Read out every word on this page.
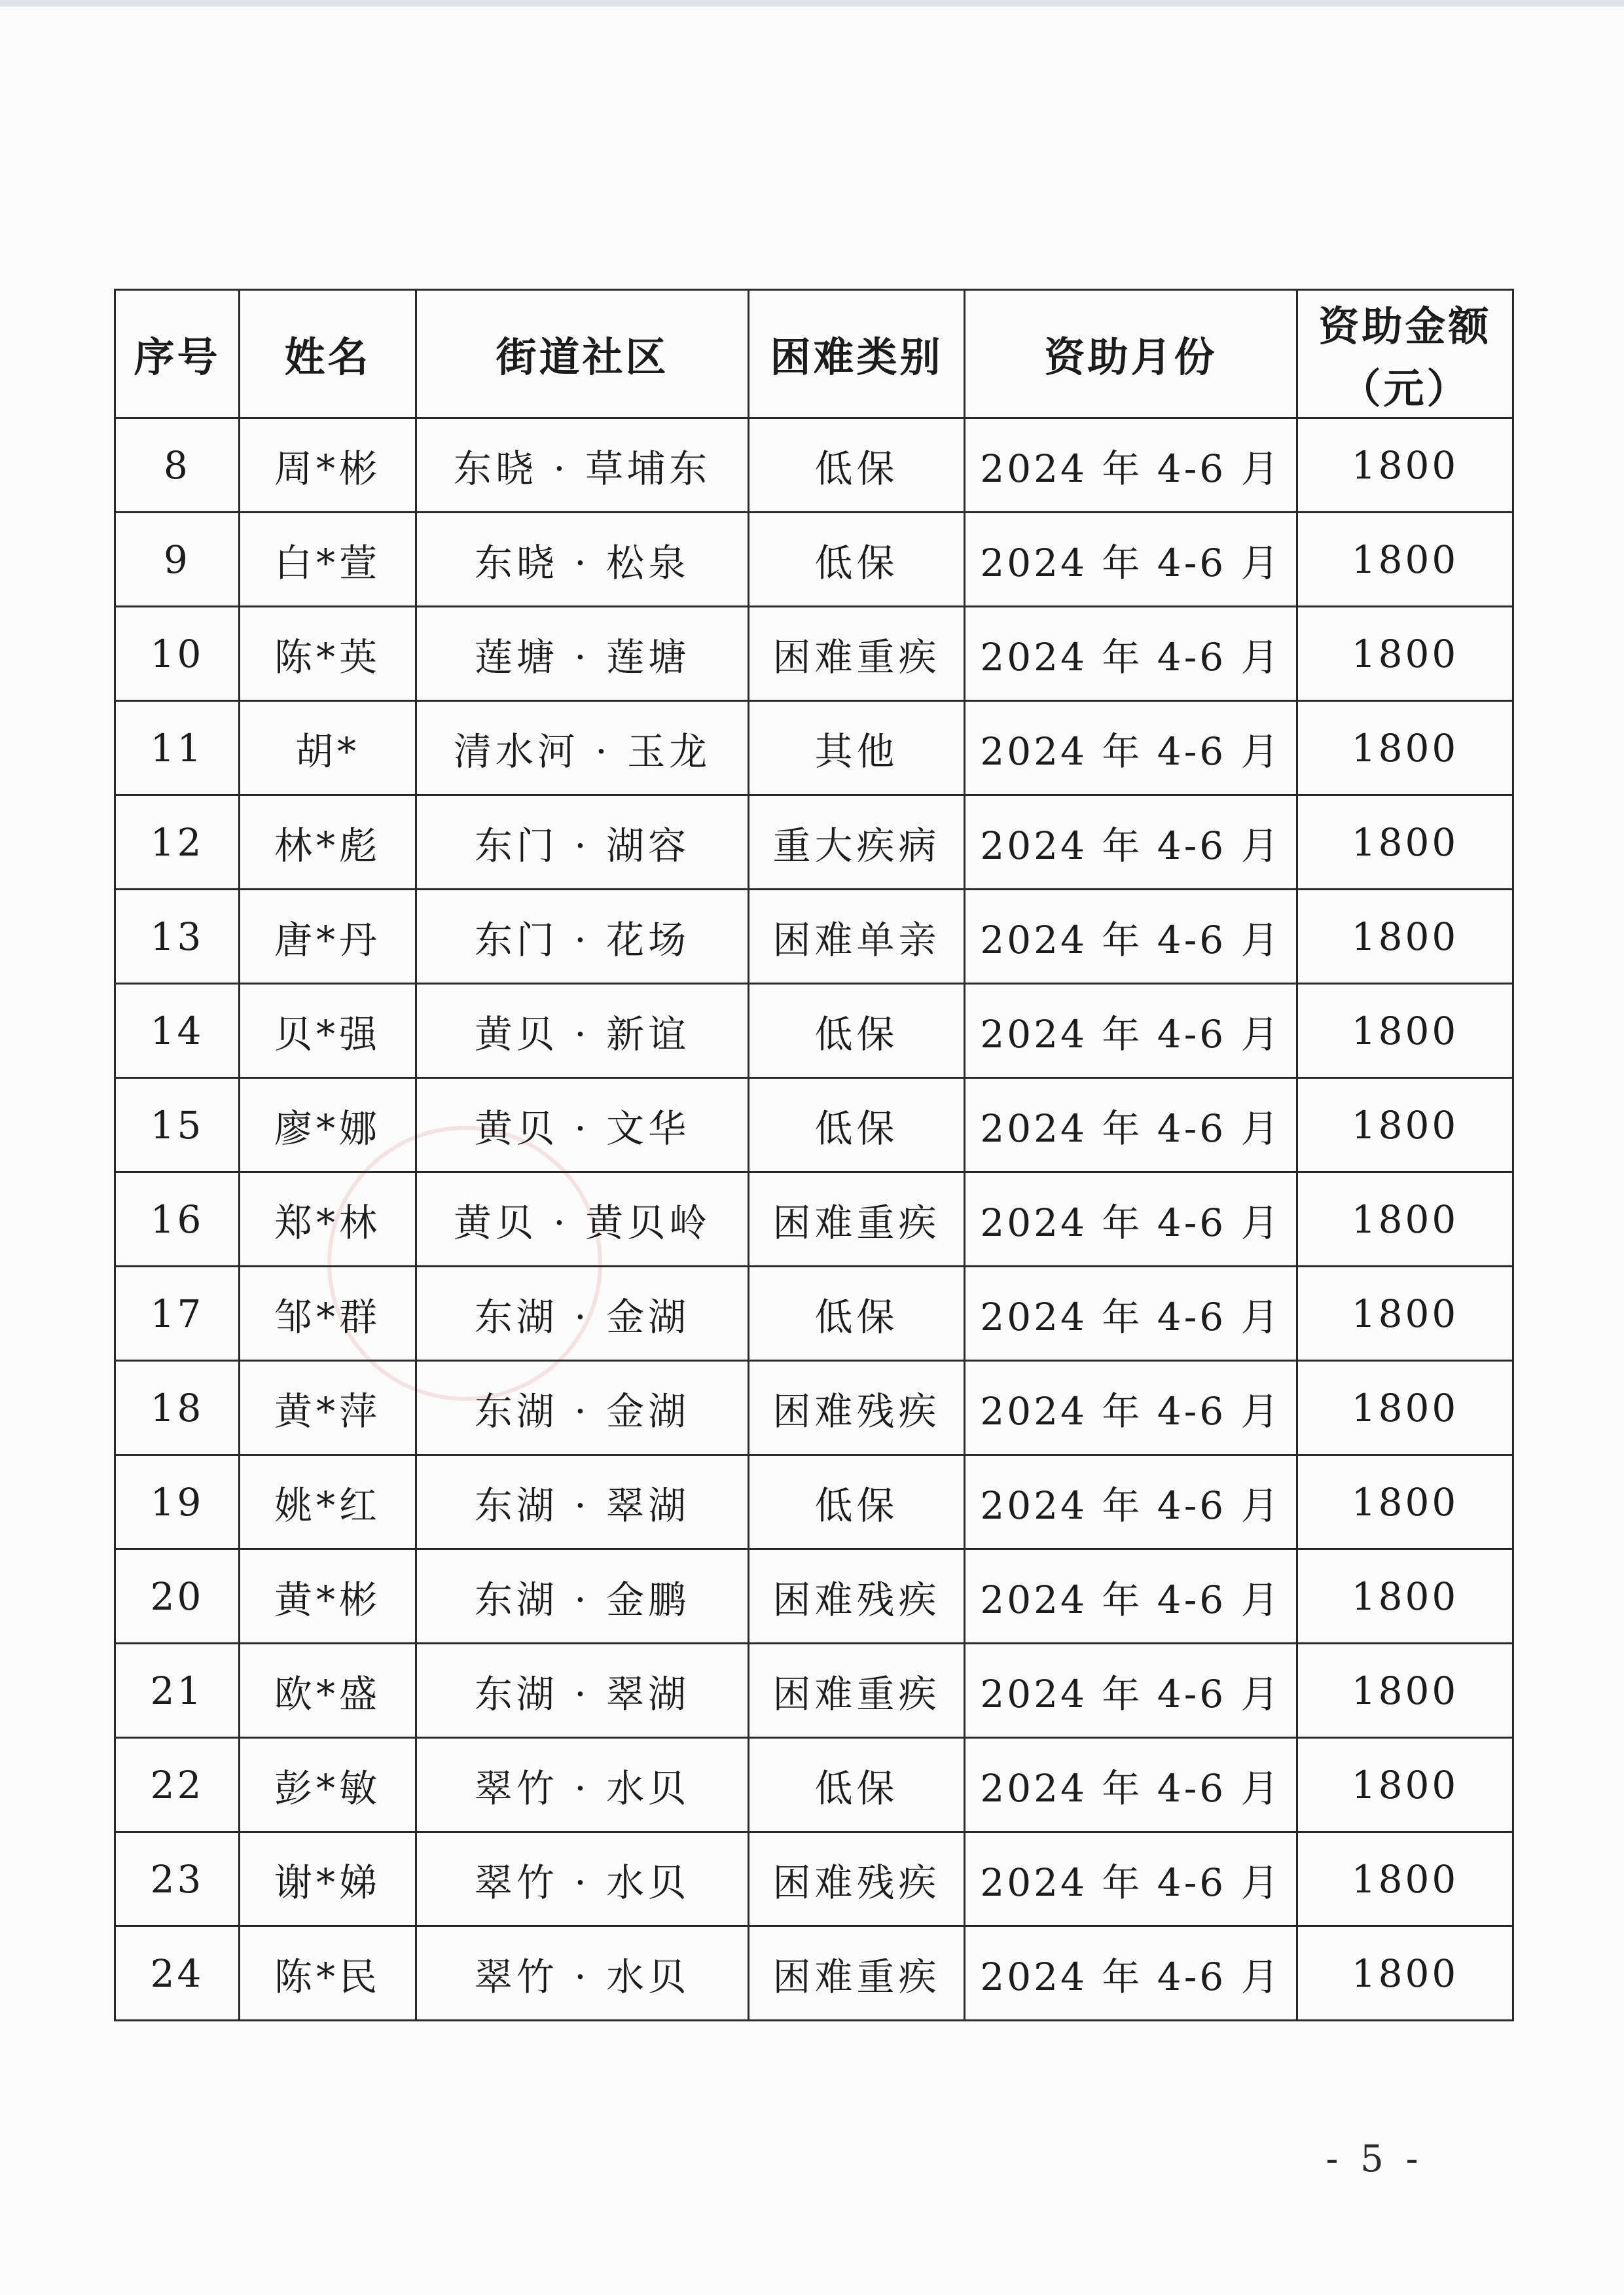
序号	姓名	街道社区	困难类别	资助月份	资助金额
（元）

8	周*彬	东晓 · 草埔东	低保	2024 年 4-6 月	1800
9	白*萱	东晓 · 松泉	低保	2024 年 4-6 月	1800
10	陈*英	莲塘 · 莲塘	困难重疾	2024 年 4-6 月	1800
11	胡*	清水河 · 玉龙	其他	2024 年 4-6 月	1800
12	林*彪	东门 · 湖容	重大疾病	2024 年 4-6 月	1800
13	唐*丹	东门 · 花场	困难单亲	2024 年 4-6 月	1800
14	贝*强	黄贝 · 新谊	低保	2024 年 4-6 月	1800
15	廖*娜	黄贝 · 文华	低保	2024 年 4-6 月	1800
16	郑*林	黄贝 · 黄贝岭	困难重疾	2024 年 4-6 月	1800
17	邹*群	东湖 · 金湖	低保	2024 年 4-6 月	1800
18	黄*萍	东湖 · 金湖	困难残疾	2024 年 4-6 月	1800
19	姚*红	东湖 · 翠湖	低保	2024 年 4-6 月	1800
20	黄*彬	东湖 · 金鹏	困难残疾	2024 年 4-6 月	1800
21	欧*盛	东湖 · 翠湖	困难重疾	2024 年 4-6 月	1800
22	彭*敏	翠竹 · 水贝	低保	2024 年 4-6 月	1800
23	谢*娣	翠竹 · 水贝	困难残疾	2024 年 4-6 月	1800
24	陈*民	翠竹 · 水贝	困难重疾	2024 年 4-6 月	1800
- 5 -
